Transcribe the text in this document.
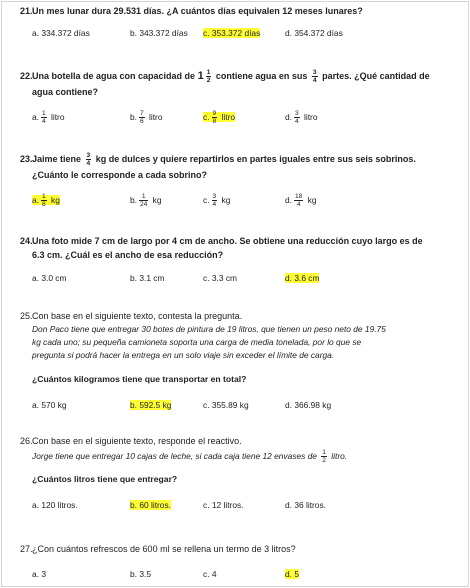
21. Un mes lunar dura 29.531 días. ¿A cuántos días equivalen 12 meses lunares?
a. 334.372 días	b. 343.372 días c. 353.372 días	d. 354.372 días
22. Una botella de agua con capacidad de $1 \frac{1}{2}$ contiene agua en sus $\frac{3}{4}$ partes. ¿Qué cantidad de
agua contiene?
a. $\frac{1}{4}$ litro	b. $\frac{7}{6}$ litro	c. $\frac{9}{8}$ litro	d. $\frac{3}{4}$ litro
23. Jaime tiene $\frac{3}{4}$ kg de dulces y quiere repartirlos en partes iguales entre sus seis sobrinos.
¿Cuánto le corresponde a cada sobrino?
a. $\frac{1}{8}$ kg	b. $\frac{1}{24}$ kg	c. $\frac{3}{4}$ kg	d. $\frac{18}{4}$ kg
24. Una foto mide 7 cm de largo por 4 cm de ancho. Se obtiene una reducción cuyo largo es de
6.3 cm. ¿Cuál es el ancho de esa reducción?
a. 3.0 cm	b. 3.1 cm	c. 3.3 cm	d. 3.6 cm
25. Con base en el siguiente texto, contesta la pregunta.
Don Paco tiene que entregar 30 botes de pintura de 19 litros, que tienen un peso neto de 19.75
kg cada uno; su pequeña camioneta soporta una carga de media tonelada, por lo que se
pregunta si podrá hacer la entrega en un solo viaje sin exceder el límite de carga.
¿Cuántos kilogramos tiene que transportar en total?
a. 570 kg	b. 592.5 kg	c. 355.89 kg	d. 366.98 kg
26. Con base en el siguiente texto, responde el reactivo.
Jorge tiene que entregar 10 cajas de leche, si cada caja tiene 12 envases de $\frac{1}{2}$ litro.
¿Cuántos litros tiene que entregar?
a. 120 litros.	b. 60 litros.	c. 12 litros.	d. 36 litros.
27. ¿Con cuántos refrescos de 600 ml se rellena un termo de 3 litros?
a. 3	b. 3.5	c. 4	d. 5
